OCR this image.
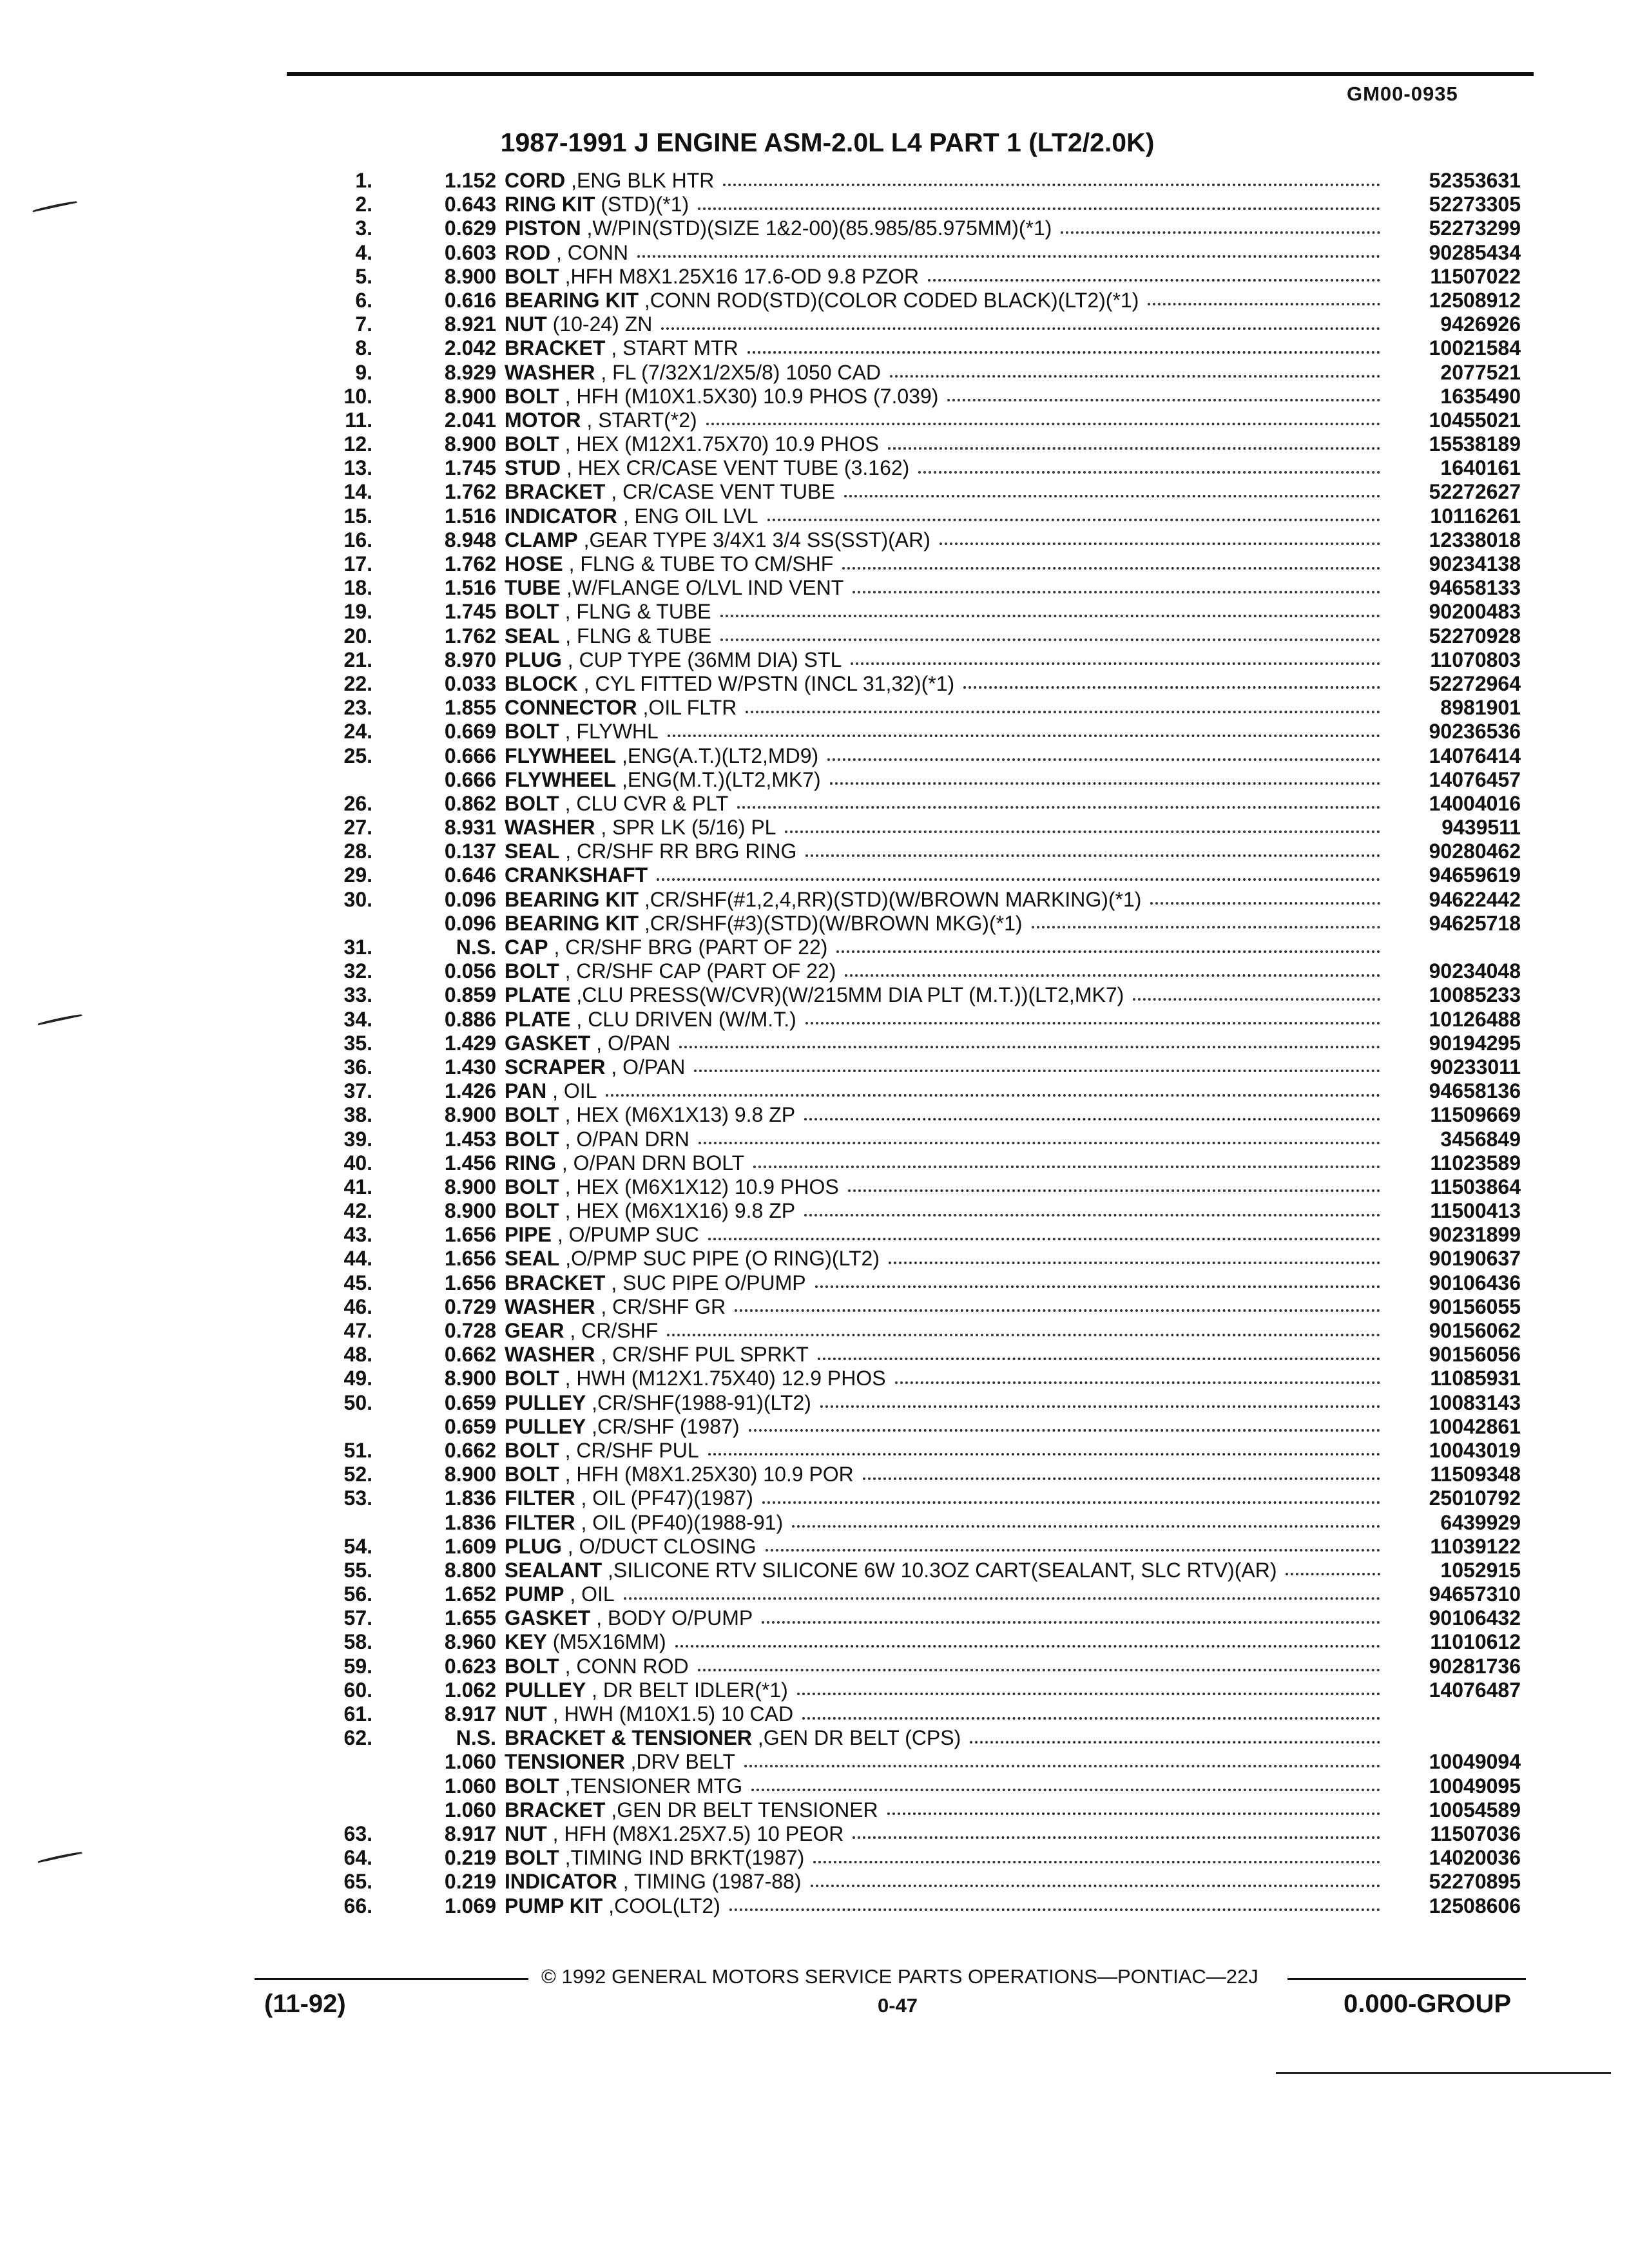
GM00-0935
1987-1991 J ENGINE ASM-2.0L L4 PART 1 (LT2/2.0K)
1.	1.152 CORD ,ENG BLK HTR	52353631
2.	0.643 RING KIT (STD)(*1)	52273305
3.	0.629 PISTON ,W/PIN(STD)(SIZE 1&2-00)(85.985/85.975MM)(*1)	52273299
4.	0.603 ROD , CONN	90285434
5.	8.900 BOLT ,HFH M8X1.25X16 17.6-OD 9.8 PZOR	11507022
6.	0.616 BEARING KIT ,CONN ROD(STD)(COLOR CODED BLACK)(LT2)(*1)	12508912
7.	8.921 NUT (10-24) ZN	9426926
8.	2.042 BRACKET , START MTR	10021584
9.	8.929 WASHER , FL (7/32X1/2X5/8) 1050 CAD	2077521
10.	8.900 BOLT , HFH (M10X1.5X30) 10.9 PHOS (7.039)	1635490
11.	2.041 MOTOR , START(*2)	10455021
12.	8.900 BOLT , HEX (M12X1.75X70) 10.9 PHOS	15538189
13.	1.745 STUD , HEX CR/CASE VENT TUBE (3.162)	1640161
14.	1.762 BRACKET , CR/CASE VENT TUBE	52272627
15.	1.516 INDICATOR , ENG OIL LVL	10116261
16.	8.948 CLAMP ,GEAR TYPE 3/4X1 3/4 SS(SST)(AR)	12338018
17.	1.762 HOSE , FLNG & TUBE TO CM/SHF	90234138
18.	1.516 TUBE ,W/FLANGE O/LVL IND VENT	94658133
19.	1.745 BOLT , FLNG & TUBE	90200483
20.	1.762 SEAL , FLNG & TUBE	52270928
21.	8.970 PLUG , CUP TYPE (36MM DIA) STL	11070803
22.	0.033 BLOCK , CYL FITTED W/PSTN (INCL 31,32)(*1)	52272964
23.	1.855 CONNECTOR ,OIL FLTR	8981901
24.	0.669 BOLT , FLYWHL	90236536
25.	0.666 FLYWHEEL ,ENG(A.T.)(LT2,MD9)	14076414
0.666 FLYWHEEL ,ENG(M.T.)(LT2,MK7)	14076457
26.	0.862 BOLT , CLU CVR & PLT	14004016
27.	8.931 WASHER , SPR LK (5/16) PL	9439511
28.	0.137 SEAL , CR/SHF RR BRG RING	90280462
29.	0.646 CRANKSHAFT	94659619
30.	0.096 BEARING KIT ,CR/SHF(#1,2,4,RR)(STD)(W/BROWN MARKING)(*1)	94622442
0.096 BEARING KIT ,CR/SHF(#3)(STD)(W/BROWN MKG)(*1)	94625718
31.	N.S. CAP , CR/SHF BRG (PART OF 22)
32.	0.056 BOLT , CR/SHF CAP (PART OF 22)	90234048
33.	0.859 PLATE ,CLU PRESS(W/CVR)(W/215MM DIA PLT (M.T.))(LT2,MK7)	10085233
34.	0.886 PLATE , CLU DRIVEN (W/M.T.)	10126488
35.	1.429 GASKET , O/PAN	90194295
36.	1.430 SCRAPER , O/PAN	90233011
37.	1.426 PAN , OIL	94658136
38.	8.900 BOLT , HEX (M6X1X13) 9.8 ZP	11509669
39.	1.453 BOLT , O/PAN DRN	3456849
40.	1.456 RING , O/PAN DRN BOLT	11023589
41.	8.900 BOLT , HEX (M6X1X12) 10.9 PHOS	11503864
42.	8.900 BOLT , HEX (M6X1X16) 9.8 ZP	11500413
43.	1.656 PIPE , O/PUMP SUC	90231899
44.	1.656 SEAL ,O/PMP SUC PIPE (O RING)(LT2)	90190637
45.	1.656 BRACKET , SUC PIPE O/PUMP	90106436
46.	0.729 WASHER , CR/SHF GR	90156055
47.	0.728 GEAR , CR/SHF	90156062
48.	0.662 WASHER , CR/SHF PUL SPRKT	90156056
49.	8.900 BOLT , HWH (M12X1.75X40) 12.9 PHOS	11085931
50.	0.659 PULLEY ,CR/SHF(1988-91)(LT2)	10083143
0.659 PULLEY ,CR/SHF (1987)	10042861
51.	0.662 BOLT , CR/SHF PUL	10043019
52.	8.900 BOLT , HFH (M8X1.25X30) 10.9 POR	11509348
53.	1.836 FILTER , OIL (PF47)(1987)	25010792
1.836 FILTER , OIL (PF40)(1988-91)	6439929
54.	1.609 PLUG , O/DUCT CLOSING	11039122
55.	8.800 SEALANT ,SILICONE RTV SILICONE 6W 10.3OZ CART(SEALANT, SLC RTV)(AR)	1052915
56.	1.652 PUMP , OIL	94657310
57.	1.655 GASKET , BODY O/PUMP	90106432
58.	8.960 KEY (M5X16MM)	11010612
59.	0.623 BOLT , CONN ROD	90281736
60.	1.062 PULLEY , DR BELT IDLER(*1)	14076487
61.	8.917 NUT , HWH (M10X1.5) 10 CAD
62.	N.S. BRACKET & TENSIONER ,GEN DR BELT (CPS)
1.060 TENSIONER ,DRV BELT	10049094
1.060 BOLT ,TENSIONER MTG	10049095
1.060 BRACKET ,GEN DR BELT TENSIONER	10054589
63.	8.917 NUT , HFH (M8X1.25X7.5) 10 PEOR	11507036
64.	0.219 BOLT ,TIMING IND BRKT(1987)	14020036
65.	0.219 INDICATOR , TIMING (1987-88)	52270895
66.	1.069 PUMP KIT ,COOL(LT2)	12508606
© 1992 GENERAL MOTORS SERVICE PARTS OPERATIONS—PONTIAC—22J
(11-92)	0-47	0.000-GROUP
